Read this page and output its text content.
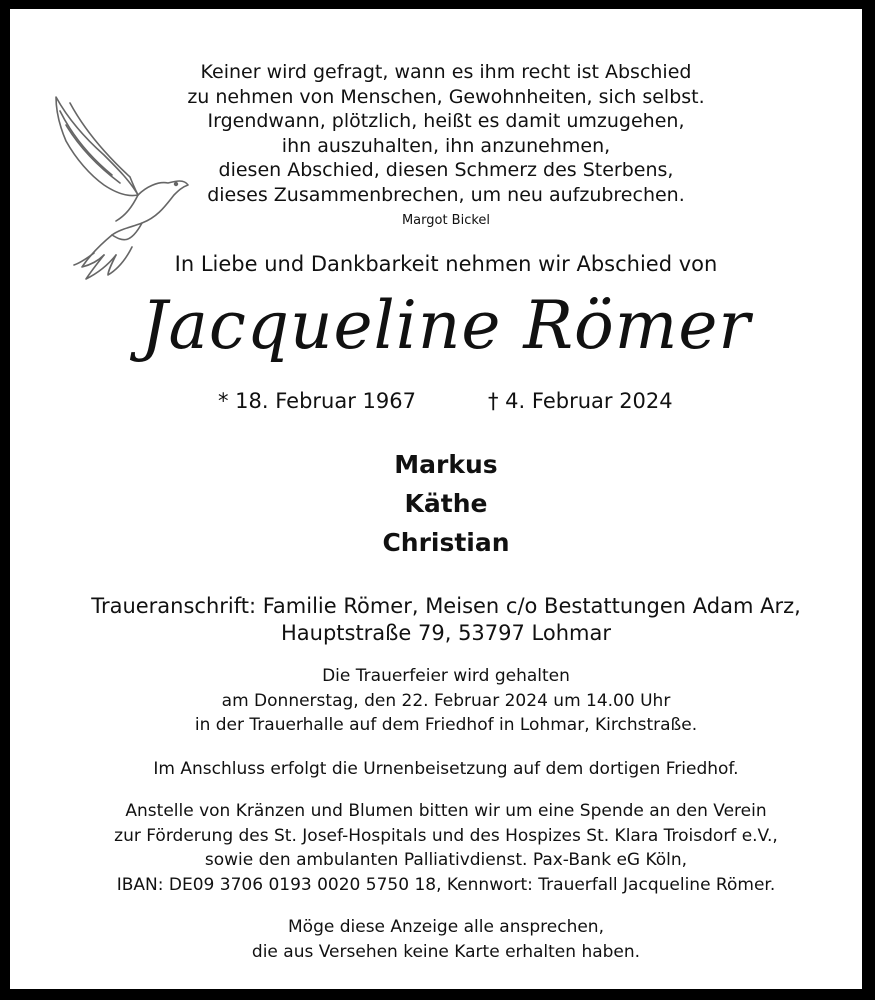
Keiner wird gefragt, wann es ihm recht ist Abschied
zu nehmen von Menschen, Gewohnheiten, sich selbst.
Irgendwann, plötzlich, heißt es damit umzugehen,
ihn auszuhalten, ihn anzunehmen,
diesen Abschied, diesen Schmerz des Sterbens,
dieses Zusammenbrechen, um neu aufzubrechen.
Margot Bickel
In Liebe und Dankbarkeit nehmen wir Abschied von
Jacqueline Römer
* 18. Februar 1967	† 4. Februar 2024
Markus
Käthe
Christian
Traueranschrift: Familie Römer, Meisen c/o Bestattungen Adam Arz,
Hauptstraße 79, 53797 Lohmar
Die Trauerfeier wird gehalten
am Donnerstag, den 22. Februar 2024 um 14.00 Uhr
in der Trauerhalle auf dem Friedhof in Lohmar, Kirchstraße.
Im Anschluss erfolgt die Urnenbeisetzung auf dem dortigen Friedhof.
Anstelle von Kränzen und Blumen bitten wir um eine Spende an den Verein
zur Förderung des St. Josef-Hospitals und des Hospizes St. Klara Troisdorf e.V.,
sowie den ambulanten Palliativdienst. Pax-Bank eG Köln,
IBAN: DE09 3706 0193 0020 5750 18, Kennwort: Trauerfall Jacqueline Römer.
Möge diese Anzeige alle ansprechen,
die aus Versehen keine Karte erhalten haben.
